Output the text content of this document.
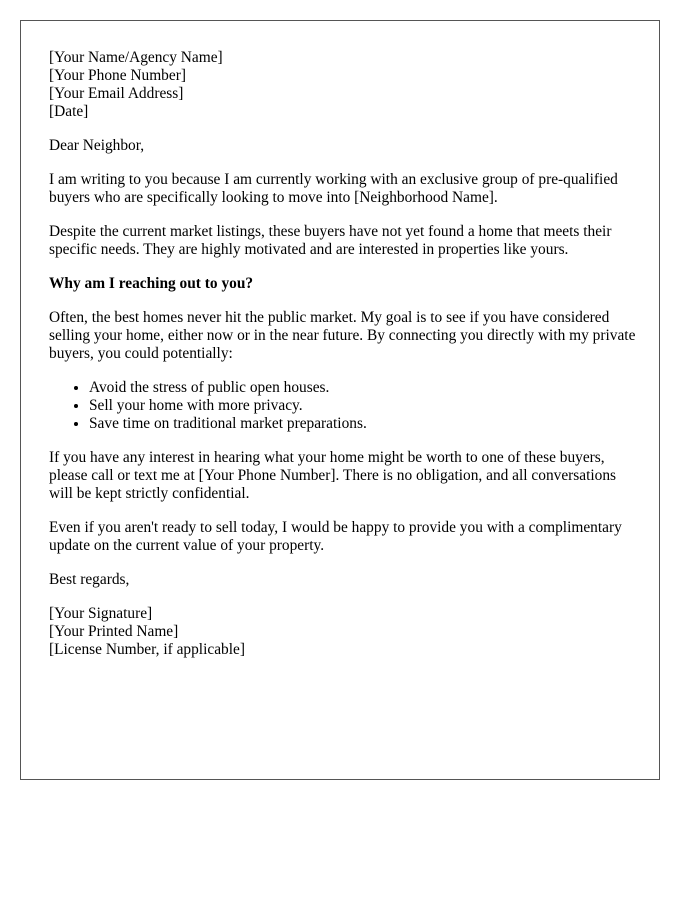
[Your Name/Agency Name]
[Your Phone Number]
[Your Email Address]
[Date]

Dear Neighbor,

I am writing to you because I am currently working with an exclusive group of pre-qualified buyers who are specifically looking to move into [Neighborhood Name].

Despite the current market listings, these buyers have not yet found a home that meets their specific needs. They are highly motivated and are interested in properties like yours.

Why am I reaching out to you?

Often, the best homes never hit the public market. My goal is to see if you have considered selling your home, either now or in the near future. By connecting you directly with my private buyers, you could potentially:

• Avoid the stress of public open houses.
• Sell your home with more privacy.
• Save time on traditional market preparations.

If you have any interest in hearing what your home might be worth to one of these buyers, please call or text me at [Your Phone Number]. There is no obligation, and all conversations will be kept strictly confidential.

Even if you aren't ready to sell today, I would be happy to provide you with a complimentary update on the current value of your property.

Best regards,

[Your Signature]
[Your Printed Name]
[License Number, if applicable]
